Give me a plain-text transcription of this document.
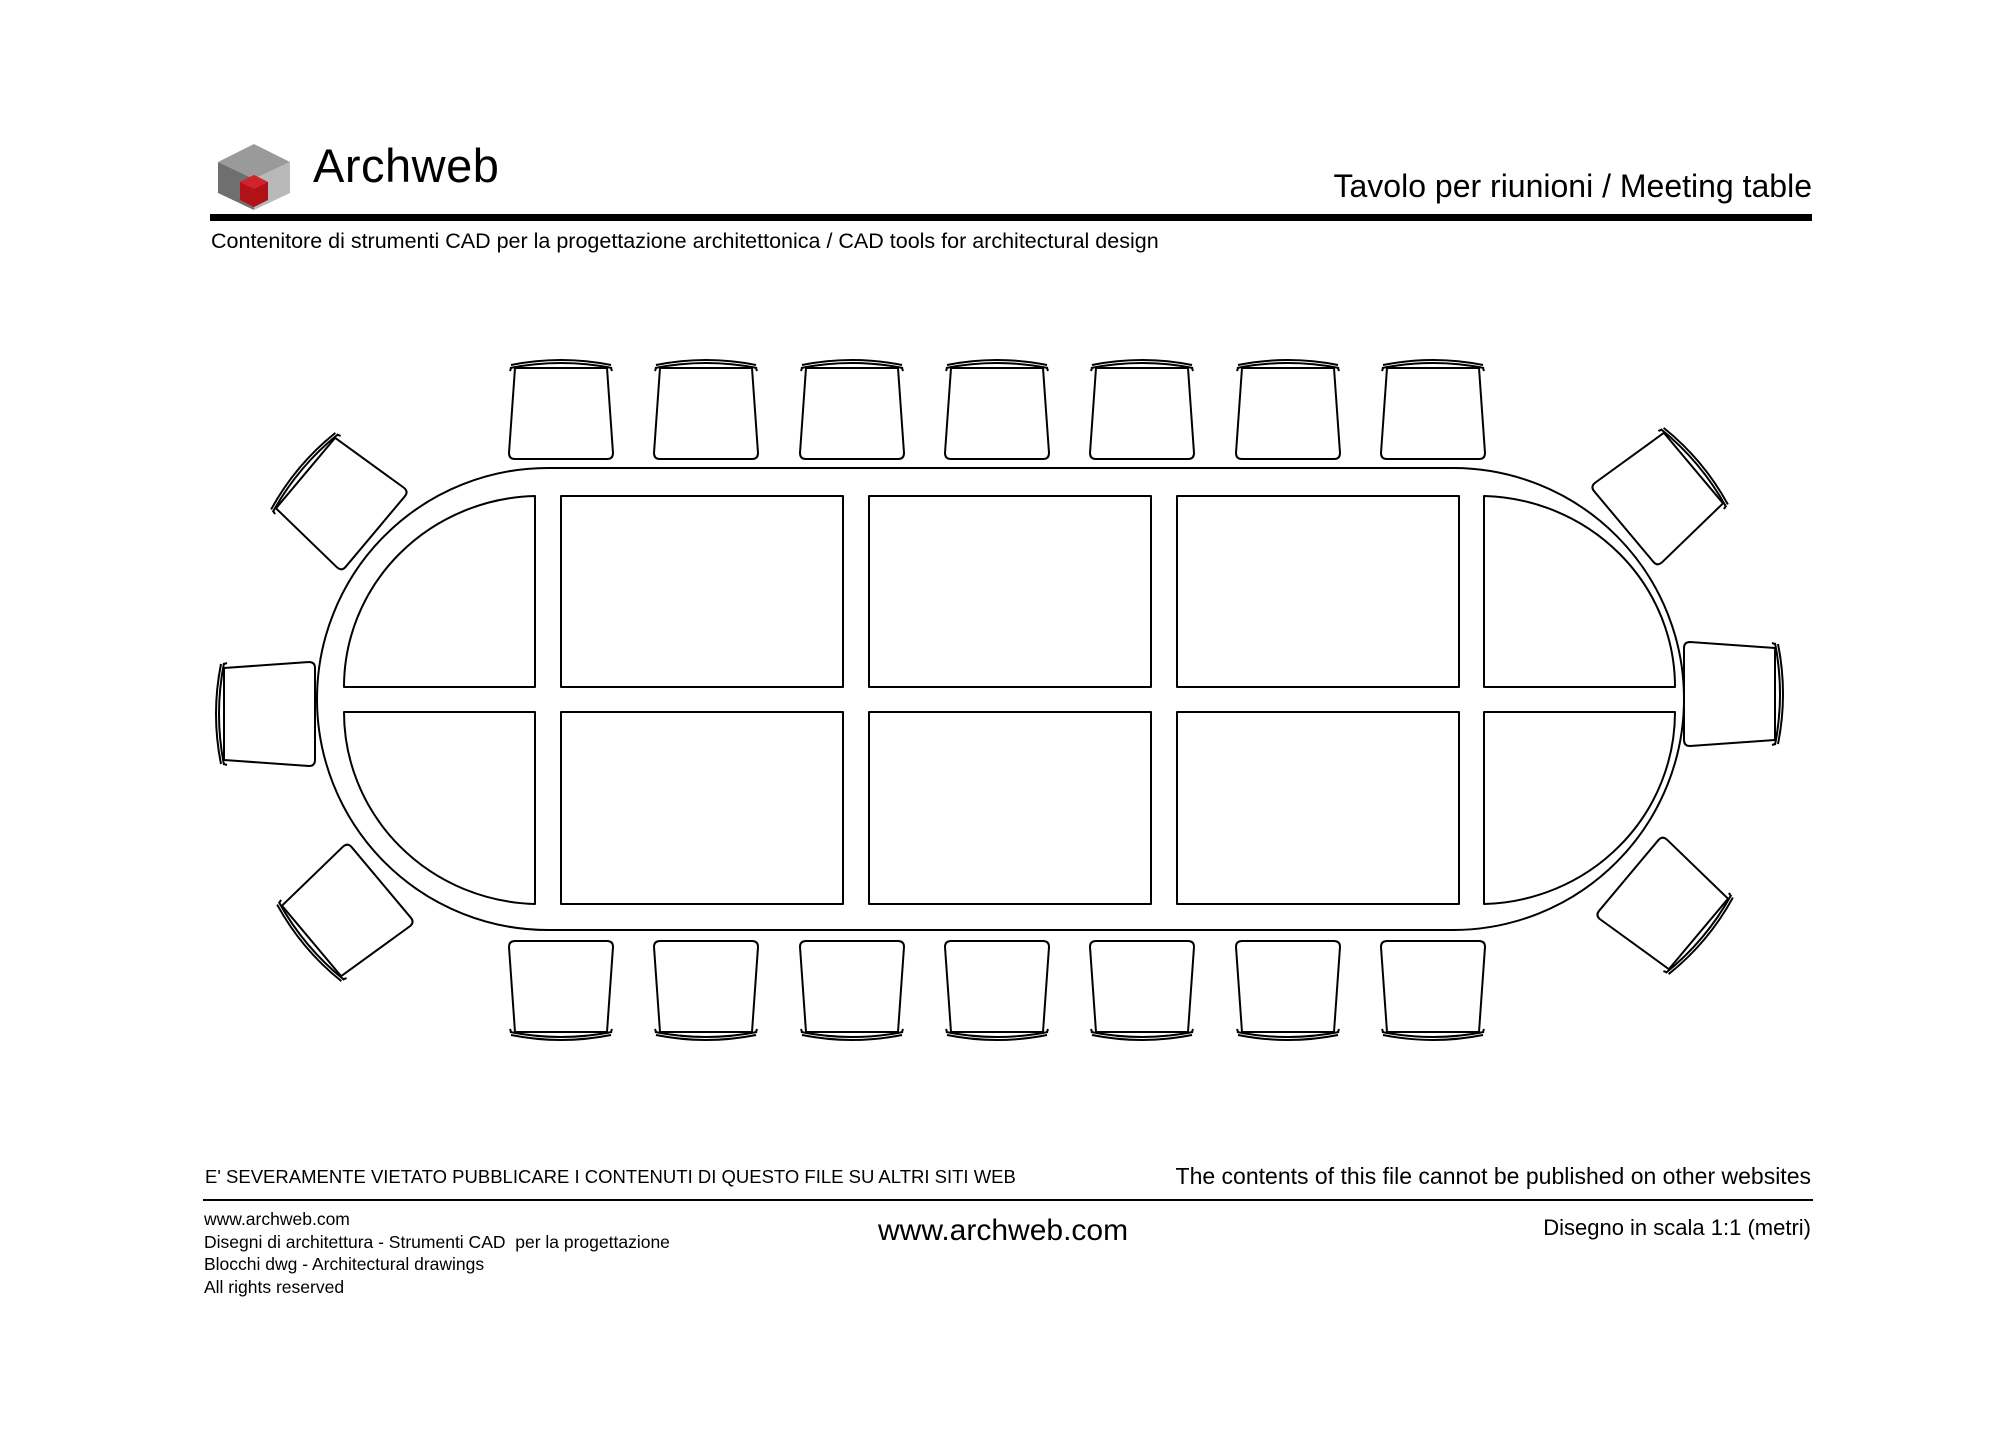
Archweb	Tavolo per riunioni / Meeting table
Contenitore di strumenti CAD per la progettazione architettonica / CAD tools for architectural design
E' SEVERAMENTE VIETATO PUBBLICARE I CONTENUTI DI QUESTO FILE SU ALTRI SITI WEB	The contents of this file cannot be published on other websites
www.archweb.com
Disegni di architettura - Strumenti CAD  per la progettazione
Blocchi dwg - Architectural drawings
All rights reserved
www.archweb.com	Disegno in scala 1:1 (metri)
